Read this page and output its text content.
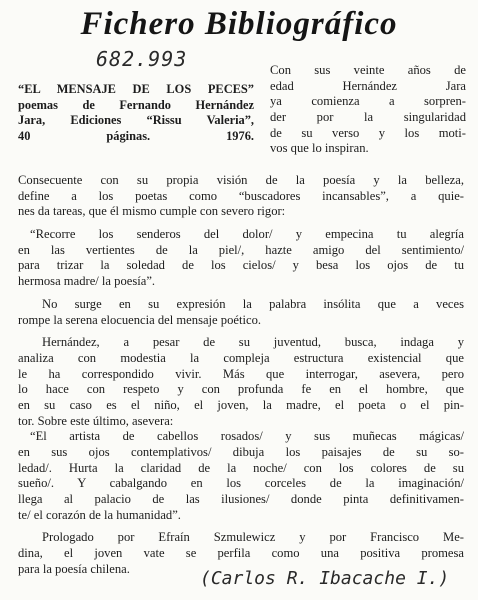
Fichero Bibliográfico
682.993
“EL MENSAJE DE LOS PECES”
poemas de Fernando Hernández
Jara, Ediciones “Rissu Valeria”,
40 páginas. 1976.
Con sus veinte años de
edad Hernández Jara
ya comienza a sorpren-
der por la singularidad
de su verso y los moti-
vos que lo inspiran.
Consecuente con su propia visión de la poesía y la belleza,
define a los poetas como “buscadores incansables”, a quie-
nes da tareas, que él mismo cumple con severo rigor:
“Recorre los senderos del dolor/ y empecina tu alegría
en las vertientes de la piel/, hazte amigo del sentimiento/
para trizar la soledad de los cielos/ y besa los ojos de tu
hermosa madre/ la poesía”.
No surge en su expresión la palabra insólita que a veces
rompe la serena elocuencia del mensaje poético.
Hernández, a pesar de su juventud, busca, indaga y
analiza con modestia la compleja estructura existencial que
le ha correspondido vivir. Más que interrogar, asevera, pero
lo hace con respeto y con profunda fe en el hombre, que
en su caso es el niño, el joven, la madre, el poeta o el pin-
tor. Sobre este último, asevera:
“El artista de cabellos rosados/ y sus muñecas mágicas/
en sus ojos contemplativos/ dibuja los paisajes de su so-
ledad/. Hurta la claridad de la noche/ con los colores de su
sueño/. Y cabalgando en los corceles de la imaginación/
llega al palacio de las ilusiones/ donde pinta definitivamen-
te/ el corazón de la humanidad”.
Prologado por Efraín Szmulewicz y por Francisco Me-
dina, el joven vate se perfila como una positiva promesa
para la poesía chilena.	(Carlos R. Ibacache I.)
